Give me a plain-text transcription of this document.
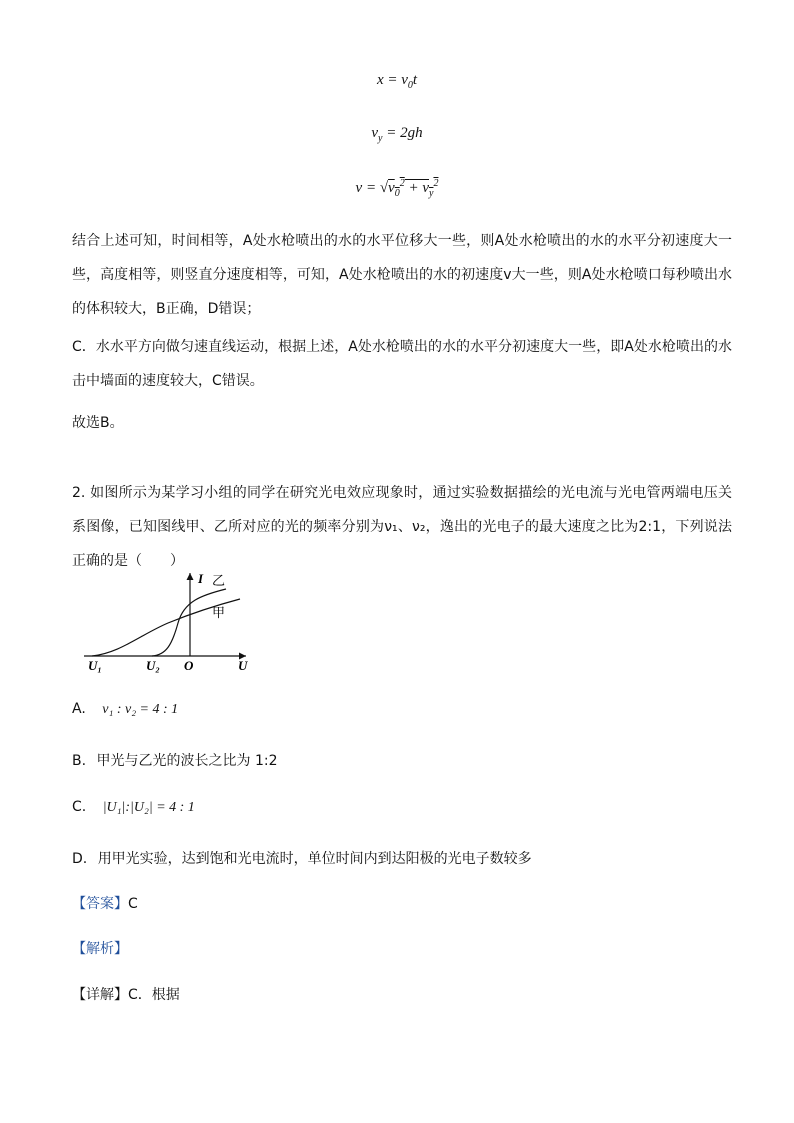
$x = v_0t$
$v_y = 2gh$
$v = √v_0^2 + v_y^2$
结合上述可知，时间相等，A处水枪喷出的水的水平位移大一些，则A处水枪喷出的水的水平分初速度大一些，高度相等，则竖直分速度相等，可知，A处水枪喷出的水的初速度v大一些，则A处水枪喷口每秒喷出水的体积较大，B正确，D错误；
C．水水平方向做匀速直线运动，根据上述，A处水枪喷出的水的水平分初速度大一些，即A处水枪喷出的水击中墙面的速度较大，C错误。
故选B。
2. 如图所示为某学习小组的同学在研究光电效应现象时，通过实验数据描绘的光电流与光电管两端电压关系图像，已知图线甲、乙所对应的光的频率分别为ν₁、ν₂，逸出的光电子的最大速度之比为2:1，下列说法正确的是（　　）
I 乙
甲
U₁	U₂ O	U
A. ν₁ : ν₂ = 4 : 1
B. 甲光与乙光的波长之比为 1:2
C. |U₁|:|U₂| = 4 : 1
D. 用甲光实验，达到饱和光电流时，单位时间内到达阳极的光电子数较多
【答案】C
【解析】
【详解】C．根据
